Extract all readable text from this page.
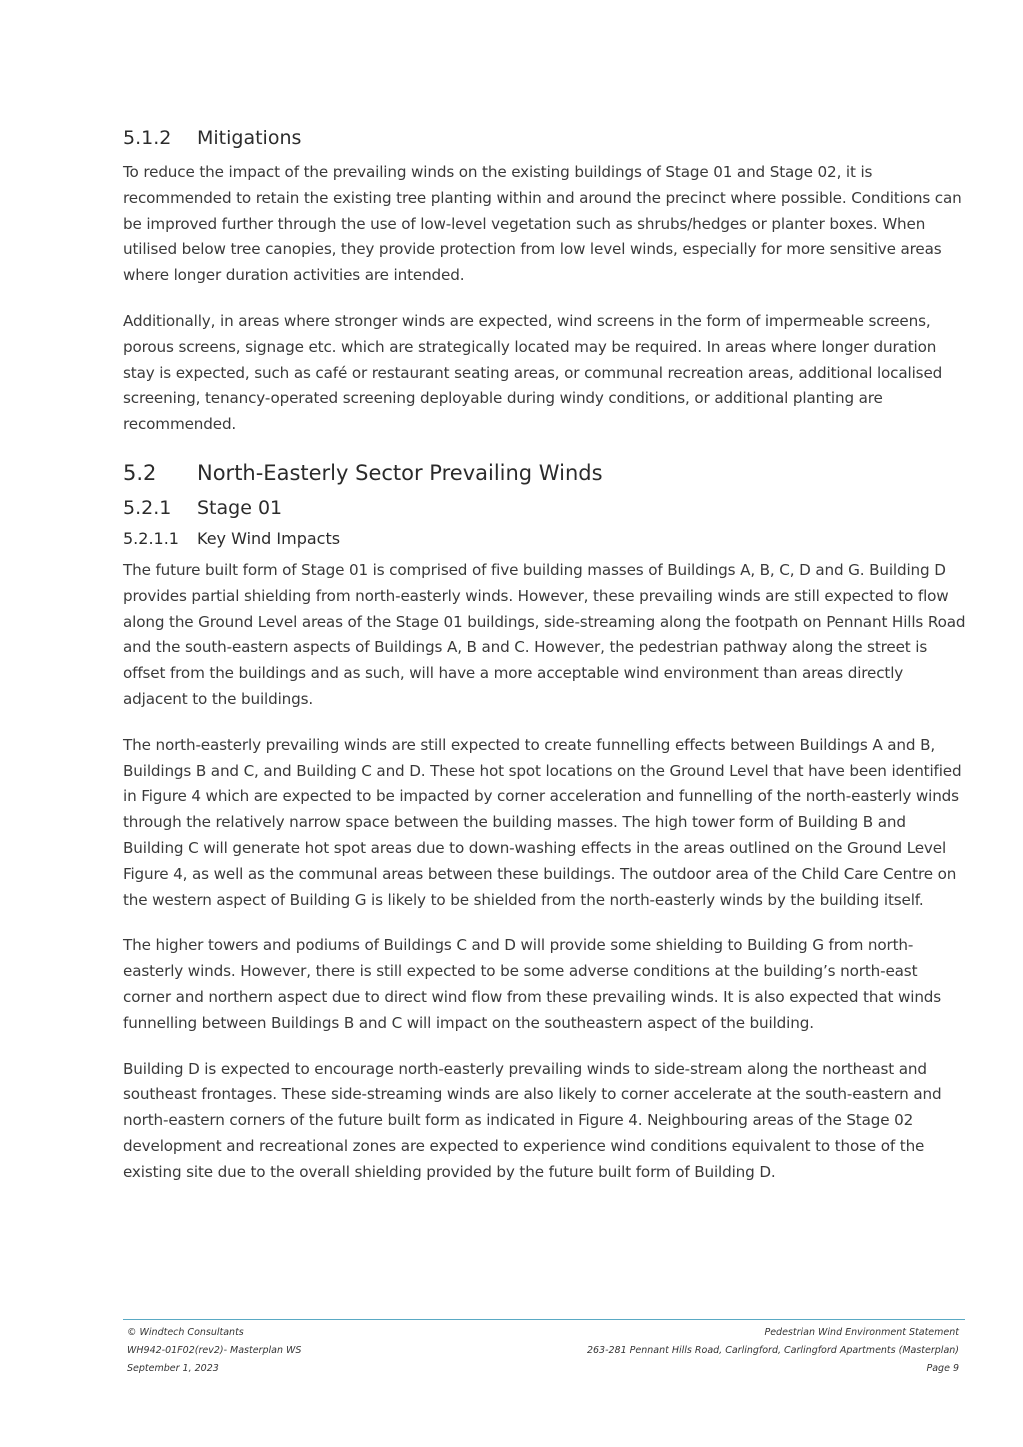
5.1.2	Mitigations

To reduce the impact of the prevailing winds on the existing buildings of Stage 01 and Stage 02, it is recommended to retain the existing tree planting within and around the precinct where possible. Conditions can be improved further through the use of low-level vegetation such as shrubs/hedges or planter boxes. When utilised below tree canopies, they provide protection from low level winds, especially for more sensitive areas where longer duration activities are intended.

Additionally, in areas where stronger winds are expected, wind screens in the form of impermeable screens, porous screens, signage etc. which are strategically located may be required. In areas where longer duration stay is expected, such as café or restaurant seating areas, or communal recreation areas, additional localised screening, tenancy-operated screening deployable during windy conditions, or additional planting are recommended.

5.2	North-Easterly Sector Prevailing Winds
5.2.1	Stage 01
5.2.1.1	Key Wind Impacts

The future built form of Stage 01 is comprised of five building masses of Buildings A, B, C, D and G. Building D provides partial shielding from north-easterly winds. However, these prevailing winds are still expected to flow along the Ground Level areas of the Stage 01 buildings, side-streaming along the footpath on Pennant Hills Road and the south-eastern aspects of Buildings A, B and C. However, the pedestrian pathway along the street is offset from the buildings and as such, will have a more acceptable wind environment than areas directly adjacent to the buildings.

The north-easterly prevailing winds are still expected to create funnelling effects between Buildings A and B, Buildings B and C, and Building C and D. These hot spot locations on the Ground Level that have been identified in Figure 4 which are expected to be impacted by corner acceleration and funnelling of the north-easterly winds through the relatively narrow space between the building masses. The high tower form of Building B and Building C will generate hot spot areas due to down-washing effects in the areas outlined on the Ground Level Figure 4, as well as the communal areas between these buildings. The outdoor area of the Child Care Centre on the western aspect of Building G is likely to be shielded from the north-easterly winds by the building itself.

The higher towers and podiums of Buildings C and D will provide some shielding to Building G from north-easterly winds. However, there is still expected to be some adverse conditions at the building’s north-east corner and northern aspect due to direct wind flow from these prevailing winds. It is also expected that winds funnelling between Buildings B and C will impact on the southeastern aspect of the building.

Building D is expected to encourage north-easterly prevailing winds to side-stream along the northeast and southeast frontages. These side-streaming winds are also likely to corner accelerate at the south-eastern and north-eastern corners of the future built form as indicated in Figure 4. Neighbouring areas of the Stage 02 development and recreational zones are expected to experience wind conditions equivalent to those of the existing site due to the overall shielding provided by the future built form of Building D.

© Windtech Consultants
WH942-01F02(rev2)- Masterplan WS
September 1, 2023
Pedestrian Wind Environment Statement
263-281 Pennant Hills Road, Carlingford, Carlingford Apartments (Masterplan)
Page 9
